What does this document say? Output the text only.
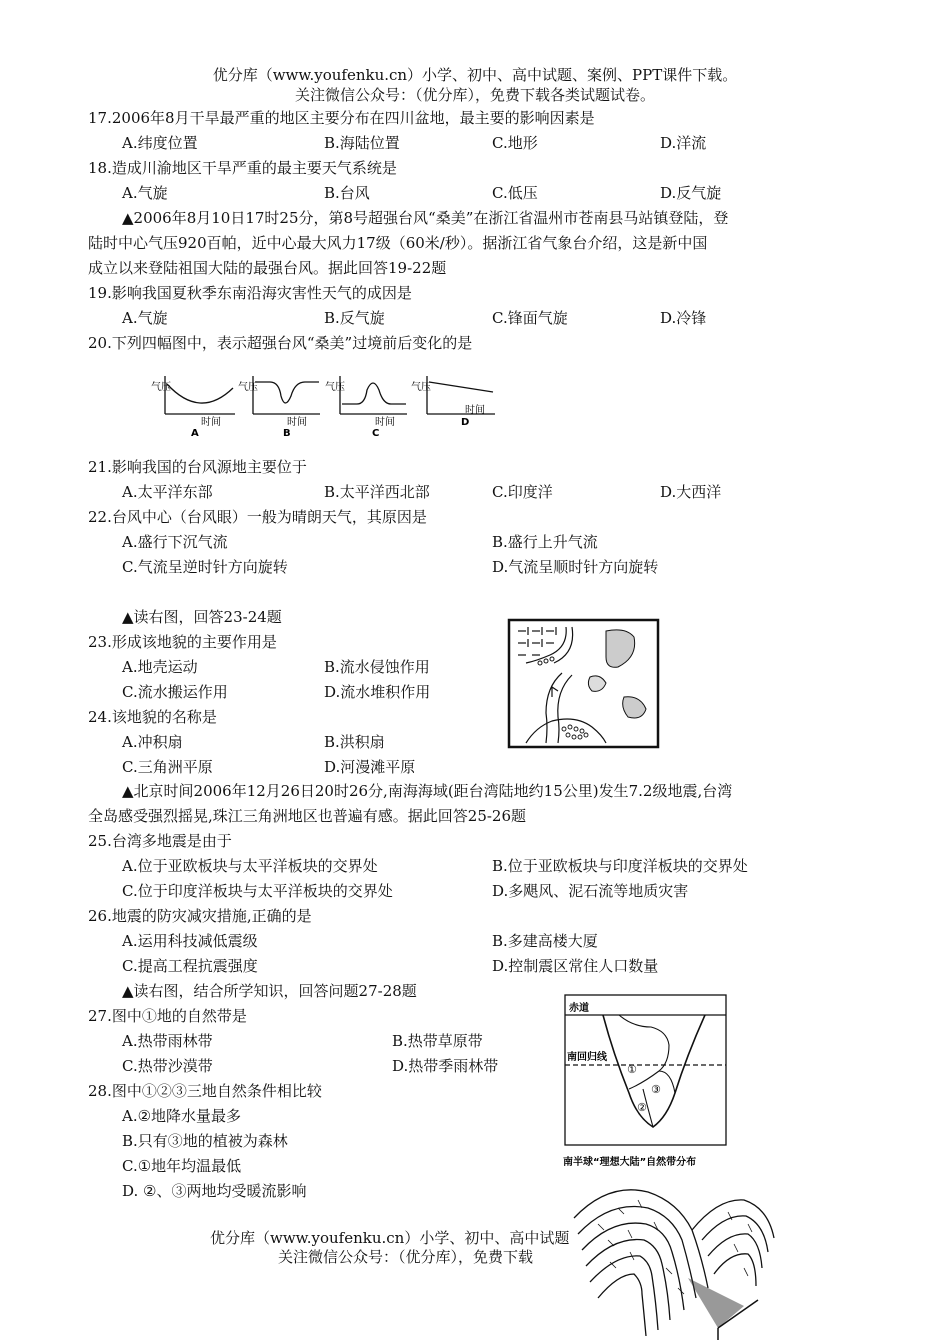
优分库（www.youfenku.cn）小学、初中、高中试题、案例、PPT课件下载。
关注微信公众号：（优分库），免费下载各类试题试卷。
17.2006年8月干旱最严重的地区主要分布在四川盆地，最主要的影响因素是
A.纬度位置	B.海陆位置	C.地形	D.洋流
18.造成川渝地区干旱严重的最主要天气系统是
A.气旋	B.台风	C.低压	D.反气旋
▲2006年8月10日17时25分，第8号超强台风“桑美”在浙江省温州市苍南县马站镇登陆，登
陆时中心气压920百帕，近中心最大风力17级（60米/秒）。据浙江省气象台介绍，这是新中国
成立以来登陆祖国大陆的最强台风。据此回答19-22题
19.影响我国夏秋季东南沿海灾害性天气的成因是
A.气旋	B.反气旋	C.锋面气旋	D.冷锋
20.下列四幅图中，表示超强台风“桑美”过境前后变化的是
气压
时间
A
气压
时间
B
气压
时间
C
气压
时间
D
21.影响我国的台风源地主要位于
A.太平洋东部	B.太平洋西北部	C.印度洋	D.大西洋
22.台风中心（台风眼）一般为晴朗天气，其原因是
A.盛行下沉气流	B.盛行上升气流
C.气流呈逆时针方向旋转	D.气流呈顺时针方向旋转
▲读右图，回答23-24题
23.形成该地貌的主要作用是
A.地壳运动	B.流水侵蚀作用
C.流水搬运作用	D.流水堆积作用
24.该地貌的名称是
A.冲积扇	B.洪积扇
C.三角洲平原	D.河漫滩平原
▲北京时间2006年12月26日20时26分,南海海域(距台湾陆地约15公里)发生7.2级地震,台湾
全岛感受强烈摇晃,珠江三角洲地区也普遍有感。据此回答25-26题
25.台湾多地震是由于
A.位于亚欧板块与太平洋板块的交界处	B.位于亚欧板块与印度洋板块的交界处
C.位于印度洋板块与太平洋板块的交界处	D.多飓风、泥石流等地质灾害
26.地震的防灾减灾措施,正确的是
A.运用科技减低震级	B.多建高楼大厦
C.提高工程抗震强度	D.控制震区常住人口数量
▲读右图，结合所学知识，回答问题27-28题
赤道
南回归线
①
②
③
南半球“理想大陆”自然带分布
27.图中①地的自然带是
A.热带雨林带	B.热带草原带
C.热带沙漠带	D.热带季雨林带
28.图中①②③三地自然条件相比较
A.②地降水量最多
B.只有③地的植被为森林
C.①地年均温最低
D. ②、③两地均受暖流影响
优分库（www.youfenku.cn）小学、初中、高中试题
关注微信公众号：（优分库），免费下载
